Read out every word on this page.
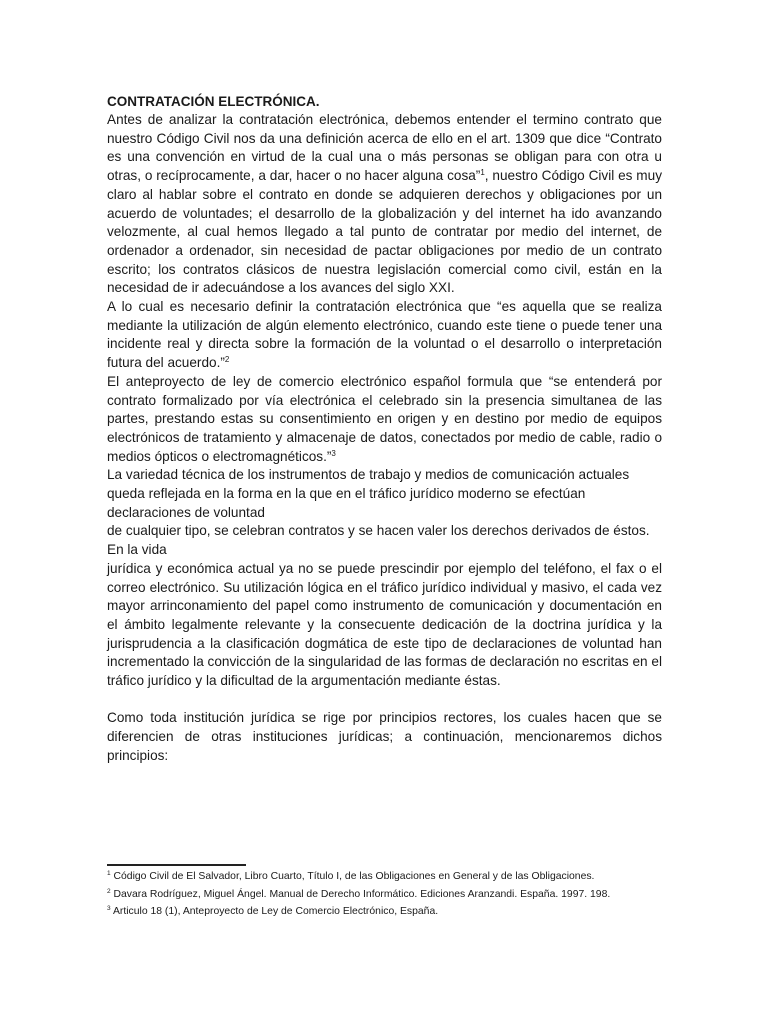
CONTRATACIÓN ELECTRÓNICA.

Antes de analizar la contratación electrónica, debemos entender el termino contrato que nuestro Código Civil nos da una definición acerca de ello en el art. 1309 que dice “Contrato es una convención en virtud de la cual una o más personas se obligan para con otra u otras, o recíprocamente, a dar, hacer o no hacer alguna cosa”$^1$, nuestro Código Civil es muy claro al hablar sobre el contrato en donde se adquieren derechos y obligaciones por un acuerdo de voluntades; el desarrollo de la globalización y del internet ha ido avanzando velozmente, al cual hemos llegado a tal punto de contratar por medio del internet, de ordenador a ordenador, sin necesidad de pactar obligaciones por medio de un contrato escrito; los contratos clásicos de nuestra legislación comercial como civil, están en la necesidad de ir adecuándose a los avances del siglo XXI.

A lo cual es necesario definir la contratación electrónica que “es aquella que se realiza mediante la utilización de algún elemento electrónico, cuando este tiene o puede tener una incidente real y directa sobre la formación de la voluntad o el desarrollo o interpretación futura del acuerdo.”$^2$

El anteproyecto de ley de comercio electrónico español formula que “se entenderá por contrato formalizado por vía electrónica el celebrado sin la presencia simultanea de las partes, prestando estas su consentimiento en origen y en destino por medio de equipos electrónicos de tratamiento y almacenaje de datos, conectados por medio de cable, radio o medios ópticos o electromagnéticos.”$^3$

La variedad técnica de los instrumentos de trabajo y medios de comunicación actuales queda reflejada en la forma en la que en el tráfico jurídico moderno se efectúan declaraciones de voluntad

de cualquier tipo, se celebran contratos y se hacen valer los derechos derivados de éstos. En la vida

jurídica y económica actual ya no se puede prescindir por ejemplo del teléfono, el fax o el correo electrónico. Su utilización lógica en el tráfico jurídico individual y masivo, el cada vez mayor arrinconamiento del papel como instrumento de comunicación y documentación en el ámbito legalmente relevante y la consecuente dedicación de la doctrina jurídica y la jurisprudencia a la clasificación dogmática de este tipo de declaraciones de voluntad han incrementado la convicción de la singularidad de las formas de declaración no escritas en el tráfico jurídico y la dificultad de la argumentación mediante éstas.

Como toda institución jurídica se rige por principios rectores, los cuales hacen que se diferencien de otras instituciones jurídicas; a continuación, mencionaremos dichos principios:

$^1$ Código Civil de El Salvador, Libro Cuarto, Título I, de las Obligaciones en General y de las Obligaciones.
$^2$ Davara Rodríguez, Miguel Ángel. Manual de Derecho Informático. Ediciones Aranzandi. España. 1997. 198.
$^3$ Articulo 18 (1), Anteproyecto de Ley de Comercio Electrónico, España.
